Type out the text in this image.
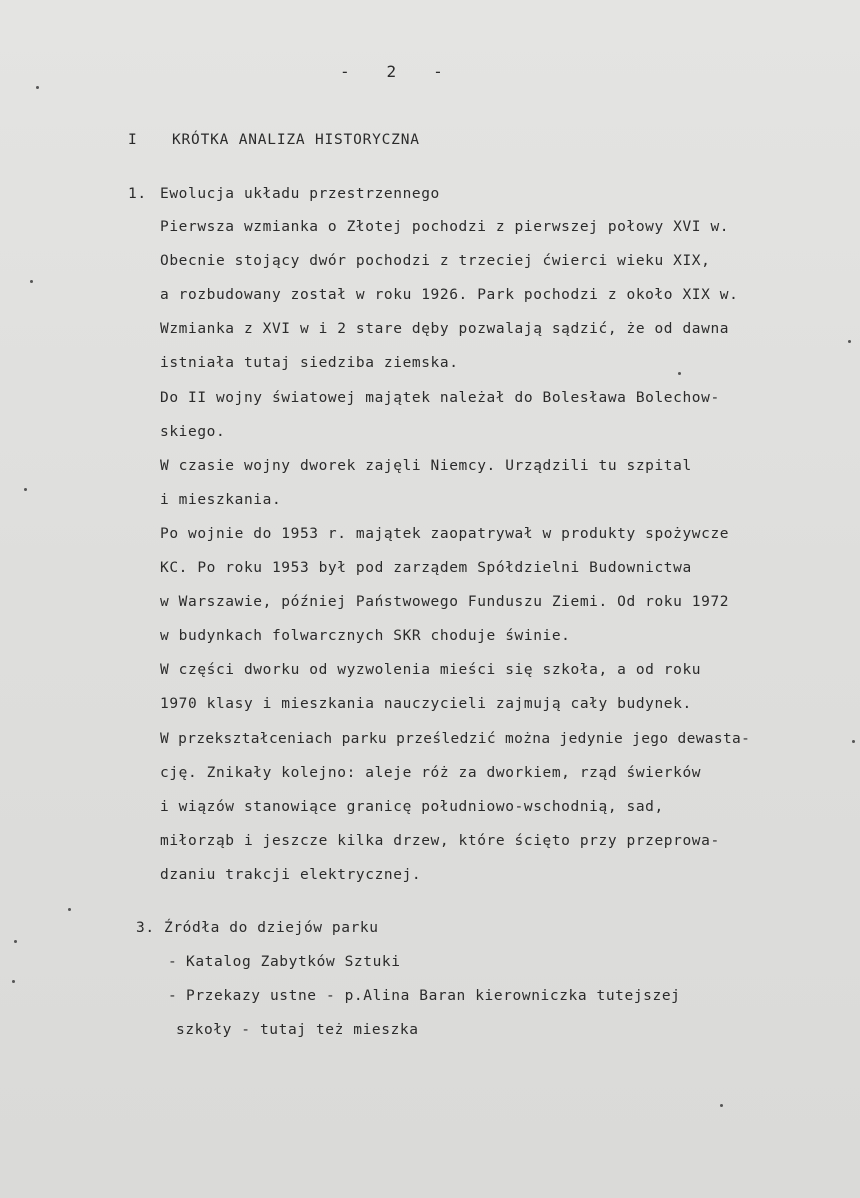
-   2   -
I KRÓTKA ANALIZA HISTORYCZNA
1. Ewolucja układu przestrzennego
Pierwsza wzmianka o Złotej pochodzi z pierwszej połowy XVI w.
Obecnie stojący dwór pochodzi z trzeciej ćwierci wieku XIX,
a rozbudowany został w roku 1926. Park pochodzi z około XIX w.
Wzmianka z XVI w i 2 stare dęby pozwalają sądzić, że od dawna
istniała tutaj siedziba ziemska.
Do II wojny światowej majątek należał do Bolesława Bolechow-
skiego.
W czasie wojny dworek zajęli Niemcy. Urządzili tu szpital
i mieszkania.
Po wojnie do 1953 r. majątek zaopatrywał w produkty spożywcze
KC. Po roku 1953 był pod zarządem Spółdzielni Budownictwa
w Warszawie, później Państwowego Funduszu Ziemi. Od roku 1972
w budynkach folwarcznych SKR choduje świnie.
W części dworku od wyzwolenia mieści się szkoła, a od roku
1970 klasy i mieszkania nauczycieli zajmują cały budynek.
W przekształceniach parku prześledzić można jedynie jego dewasta-
cję. Znikały kolejno: aleje róż za dworkiem, rząd świerków
i wiązów stanowiące granicę południowo-wschodnią, sad,
miłorząb i jeszcze kilka drzew, które ścięto przy przeprowa-
dzaniu trakcji elektrycznej.
3. Źródła do dziejów parku
- Katalog Zabytków Sztuki
- Przekazy ustne - p.Alina Baran kierowniczka tutejszej
szkoły - tutaj też mieszka
